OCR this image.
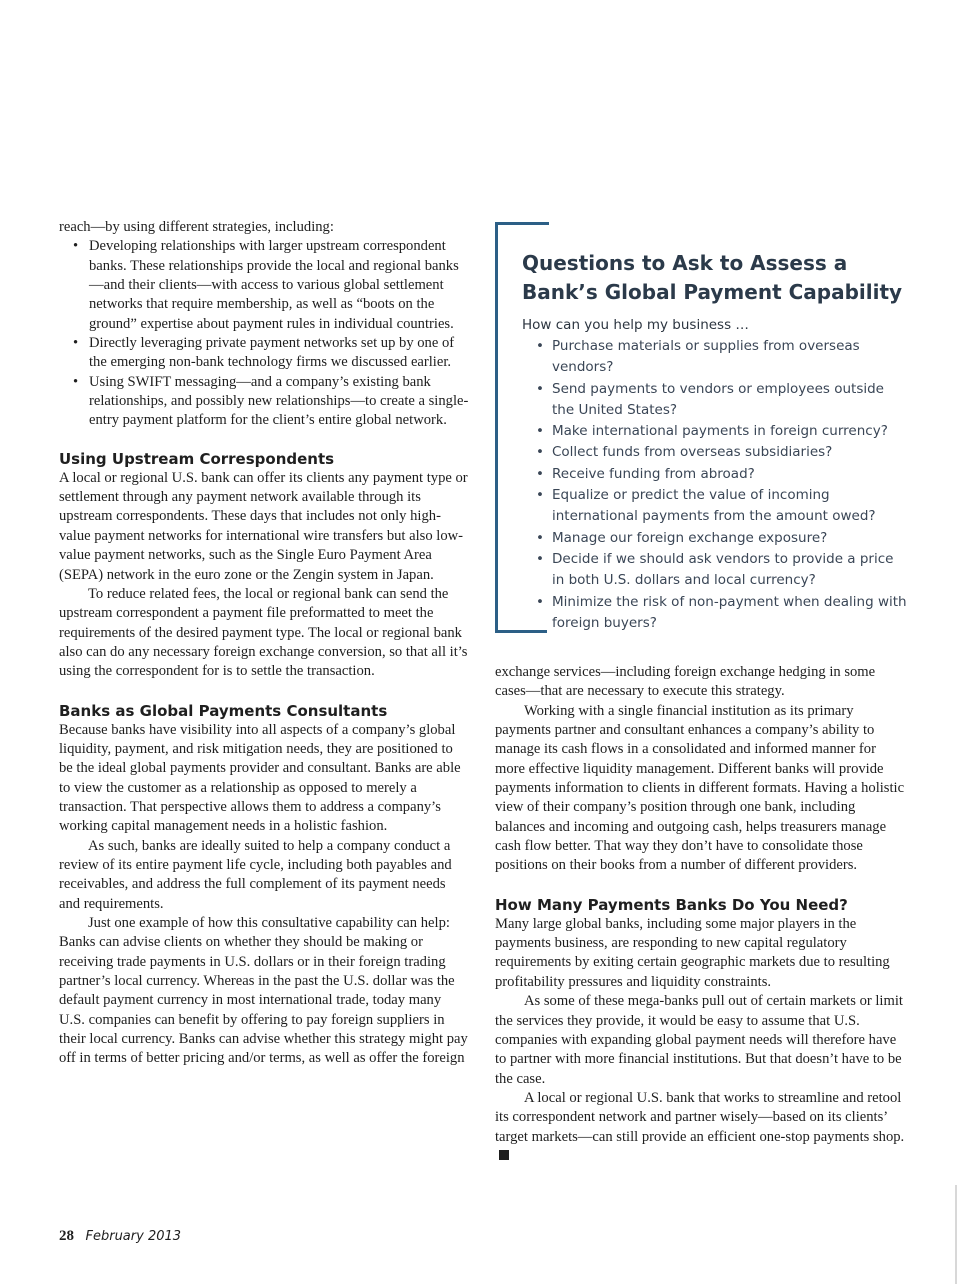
reach—by using different strategies, including:

• Developing relationships with larger upstream correspondent banks. These relationships provide the local and regional banks—and their clients—with access to various global settlement networks that require membership, as well as “boots on the ground” expertise about payment rules in individual countries.
• Directly leveraging private payment networks set up by one of the emerging non-bank technology firms we discussed earlier.
• Using SWIFT messaging—and a company’s existing bank relationships, and possibly new relationships—to create a single-entry payment platform for the client’s entire global network.
Using Upstream Correspondents

A local or regional U.S. bank can offer its clients any payment type or settlement through any payment network available through its upstream correspondents. These days that includes not only high-value payment networks for international wire transfers but also low-value payment networks, such as the Single Euro Payment Area (SEPA) network in the euro zone or the Zengin system in Japan.

To reduce related fees, the local or regional bank can send the upstream correspondent a payment file preformatted to meet the requirements of the desired payment type. The local or regional bank also can do any necessary foreign exchange conversion, so that all it’s using the correspondent for is to settle the transaction.

Banks as Global Payments Consultants

Because banks have visibility into all aspects of a company’s global liquidity, payment, and risk mitigation needs, they are positioned to be the ideal global payments provider and consultant. Banks are able to view the customer as a relationship as opposed to merely a transaction. That perspective allows them to address a company’s working capital management needs in a holistic fashion.

As such, banks are ideally suited to help a company conduct a review of its entire payment life cycle, including both payables and receivables, and address the full complement of its payment needs and requirements.

Just one example of how this consultative capability can help: Banks can advise clients on whether they should be making or receiving trade payments in U.S. dollars or in their foreign trading partner’s local currency. Whereas in the past the U.S. dollar was the default payment currency in most international trade, today many U.S. companies can benefit by offering to pay foreign suppliers in their local currency. Banks can advise whether this strategy might pay off in terms of better pricing and/or terms, as well as offer the foreign

Questions to Ask to Assess a Bank’s Global Payment Capability

How can you help my business …

• Purchase materials or supplies from overseas vendors?
• Send payments to vendors or employees outside the United States?
• Make international payments in foreign currency?
• Collect funds from overseas subsidiaries?
• Receive funding from abroad?
• Equalize or predict the value of incoming international payments from the amount owed?
• Manage our foreign exchange exposure?
• Decide if we should ask vendors to provide a price in both U.S. dollars and local currency?
• Minimize the risk of non-payment when dealing with foreign buyers?

exchange services—including foreign exchange hedging in some cases—that are necessary to execute this strategy.

Working with a single financial institution as its primary payments partner and consultant enhances a company’s ability to manage its cash flows in a consolidated and informed manner for more effective liquidity management. Different banks will provide payments information to clients in different formats. Having a holistic view of their company’s position through one bank, including balances and incoming and outgoing cash, helps treasurers manage cash flow better. That way they don’t have to consolidate those positions on their books from a number of different providers.

How Many Payments Banks Do You Need?

Many large global banks, including some major players in the payments business, are responding to new capital regulatory requirements by exiting certain geographic markets due to resulting profitability pressures and liquidity constraints.

As some of these mega-banks pull out of certain markets or limit the services they provide, it would be easy to assume that U.S. companies with expanding global payment needs will therefore have to partner with more financial institutions. But that doesn’t have to be the case.

A local or regional U.S. bank that works to streamline and retool its correspondent network and partner wisely—based on its clients’ target markets—can still provide an efficient one-stop payments shop.

28 February 2013
